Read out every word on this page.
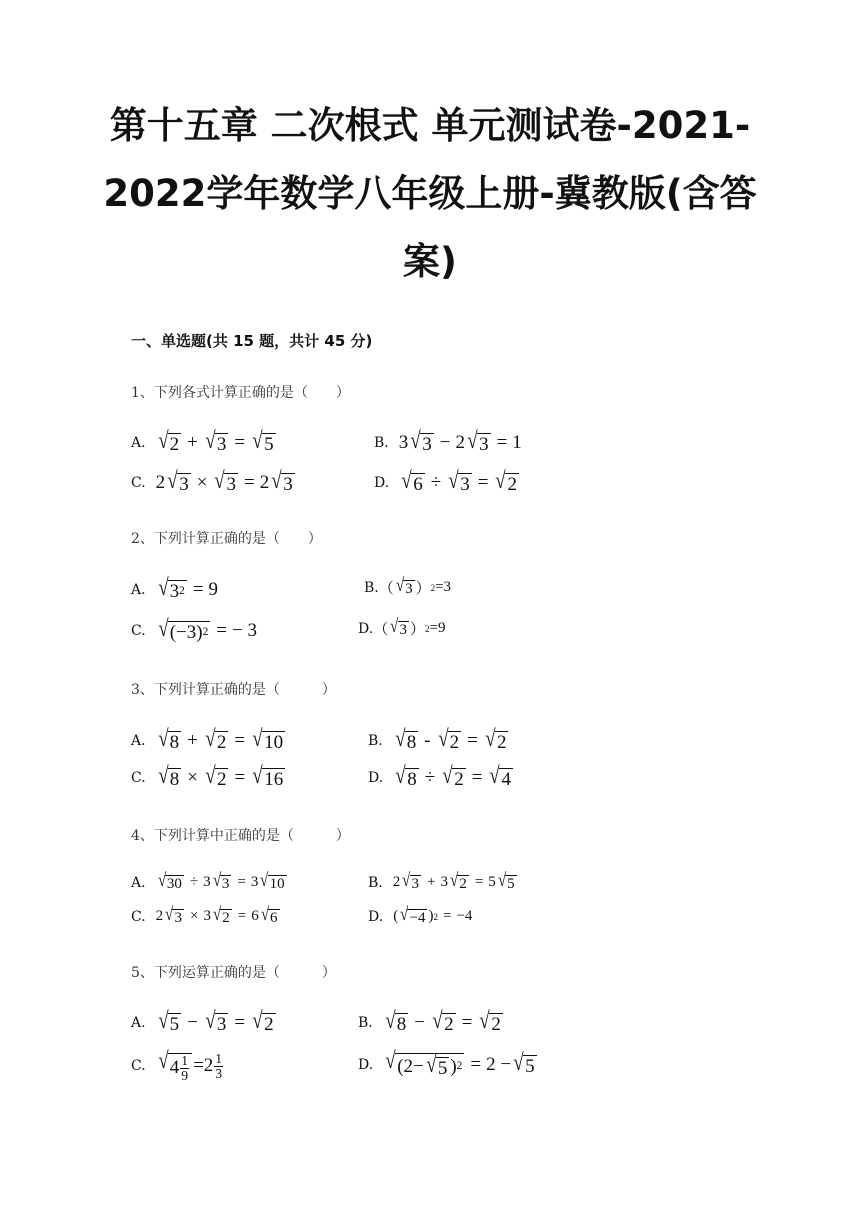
第十五章 二次根式 单元测试卷-2021-2022学年数学八年级上册-冀教版(含答案)
一、单选题(共 15 题，共计 45 分)
1、下列各式计算正确的是（　　）
A. √ 2 + √ 3 = √ 5	B. 3 √ 3 − 2 √ 3 = 1
C. 2 √ 3 × √ 3 = 2 √ 3	D. √ 6 ÷ √ 3 = √ 2
2、下列计算正确的是（　　）
A. √ 3 2 = 9	B. （ √ 3 ） 2 =3
C. √ (−3) 2 = − 3	D. （ √ 3 ） 2 =9
3、下列计算正确的是（　　　）
A. √ 8 + √ 2 = √ 10	B. √ 8 - √ 2 = √ 2
C. √ 8 × √ 2 = √ 16	D. √ 8 ÷ √ 2 = √ 4
4、下列计算中正确的是（　　　）
A. √ 30 ÷ 3 √ 3 = 3 √ 10	B. 2 √ 3 + 3 √ 2 = 5 √ 5
C. 2 √ 3 × 3 √ 2 = 6 √ 6	D. ( √ −4 ) 2 = −4
5、下列运算正确的是（　　　）
A. √ 5 − √ 3 = √ 2	B. √ 8 − √ 2 = √ 2
C. √ $4 \frac{1}{9} = 2 \frac{1}{3}$	D. √ (2− √ 5 ) 2 = 2 − √ 5
